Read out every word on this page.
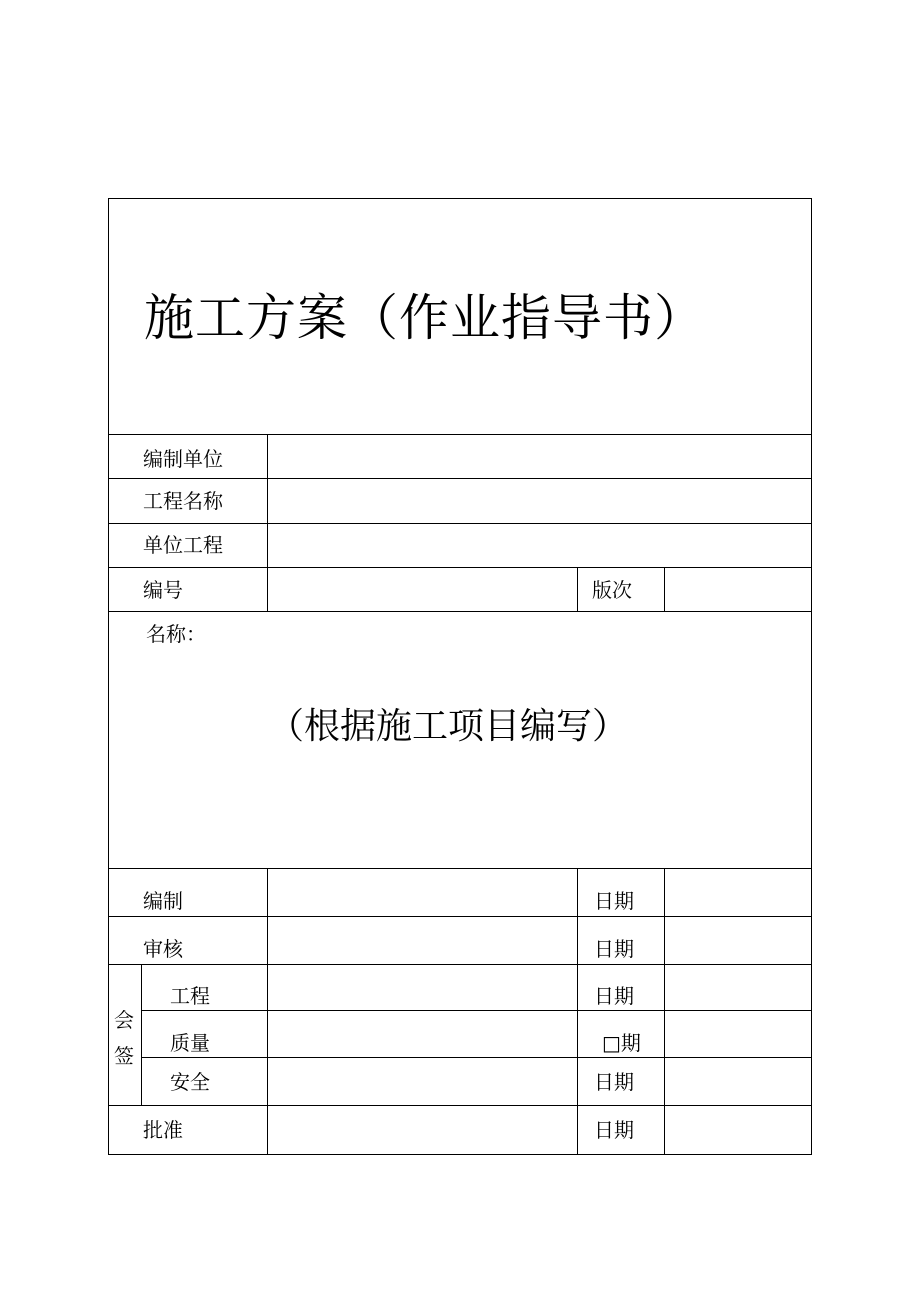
施工方案（作业指导书）
编制单位
工程名称
单位工程
编号	版次
名称：
（根据施工项目编写）
编制	日期
审核	日期
会
签
工程	日期
质量	□期
安全	日期
批准	日期
